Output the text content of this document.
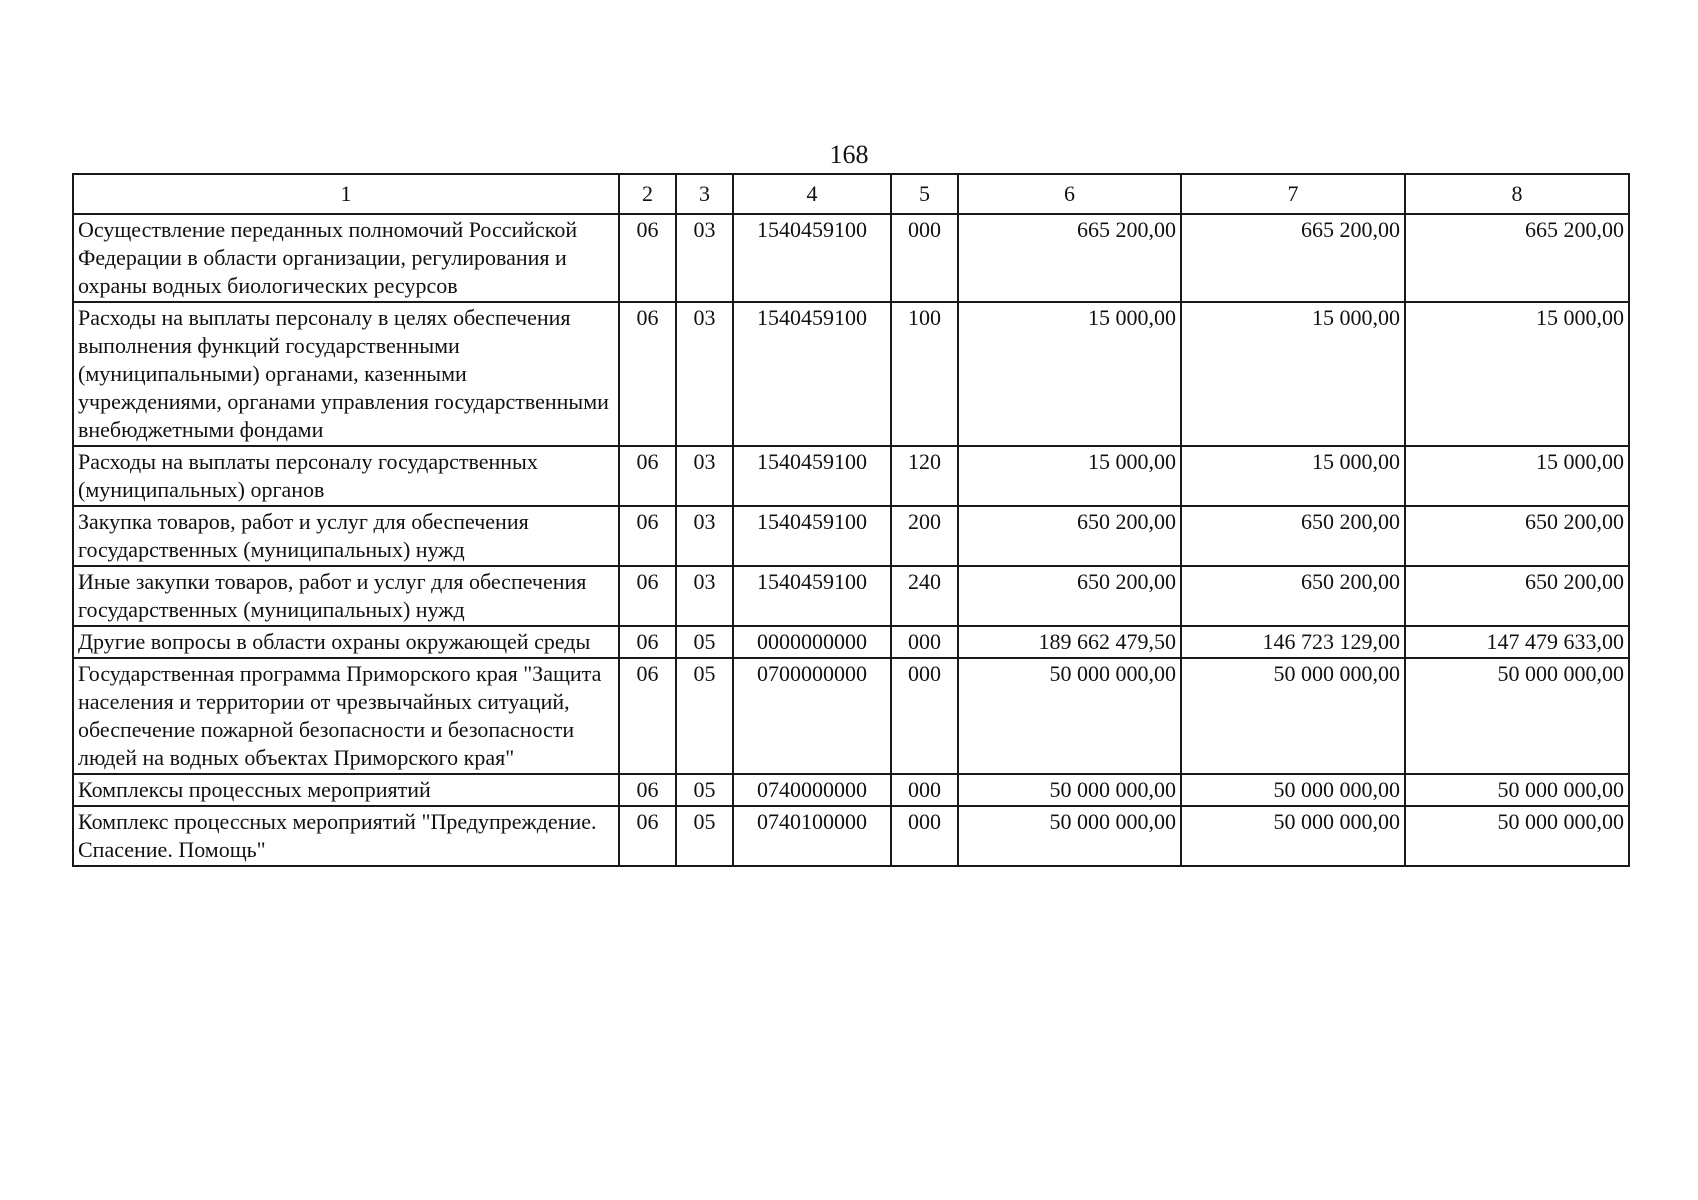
168
1	2	3	4	5	6	7	8
Осуществление переданных полномочий Российской Федерации в области организации, регулирования и охраны водных биологических ресурсов	06	03	1540459100	000	665 200,00	665 200,00	665 200,00
Расходы на выплаты персоналу в целях обеспечения выполнения функций государственными (муниципальными) органами, казенными учреждениями, органами управления государственными внебюджетными фондами	06	03	1540459100	100	15 000,00	15 000,00	15 000,00
Расходы на выплаты персоналу государственных (муниципальных) органов	06	03	1540459100	120	15 000,00	15 000,00	15 000,00
Закупка товаров, работ и услуг для обеспечения государственных (муниципальных) нужд	06	03	1540459100	200	650 200,00	650 200,00	650 200,00
Иные закупки товаров, работ и услуг для обеспечения государственных (муниципальных) нужд	06	03	1540459100	240	650 200,00	650 200,00	650 200,00
Другие вопросы в области охраны окружающей среды	06	05	0000000000	000	189 662 479,50	146 723 129,00	147 479 633,00
Государственная программа Приморского края "Защита населения и территории от чрезвычайных ситуаций, обеспечение пожарной безопасности и безопасности людей на водных объектах Приморского края"	06	05	0700000000	000	50 000 000,00	50 000 000,00	50 000 000,00
Комплексы процессных мероприятий	06	05	0740000000	000	50 000 000,00	50 000 000,00	50 000 000,00
Комплекс процессных мероприятий "Предупреждение. Спасение. Помощь"	06	05	0740100000	000	50 000 000,00	50 000 000,00	50 000 000,00
